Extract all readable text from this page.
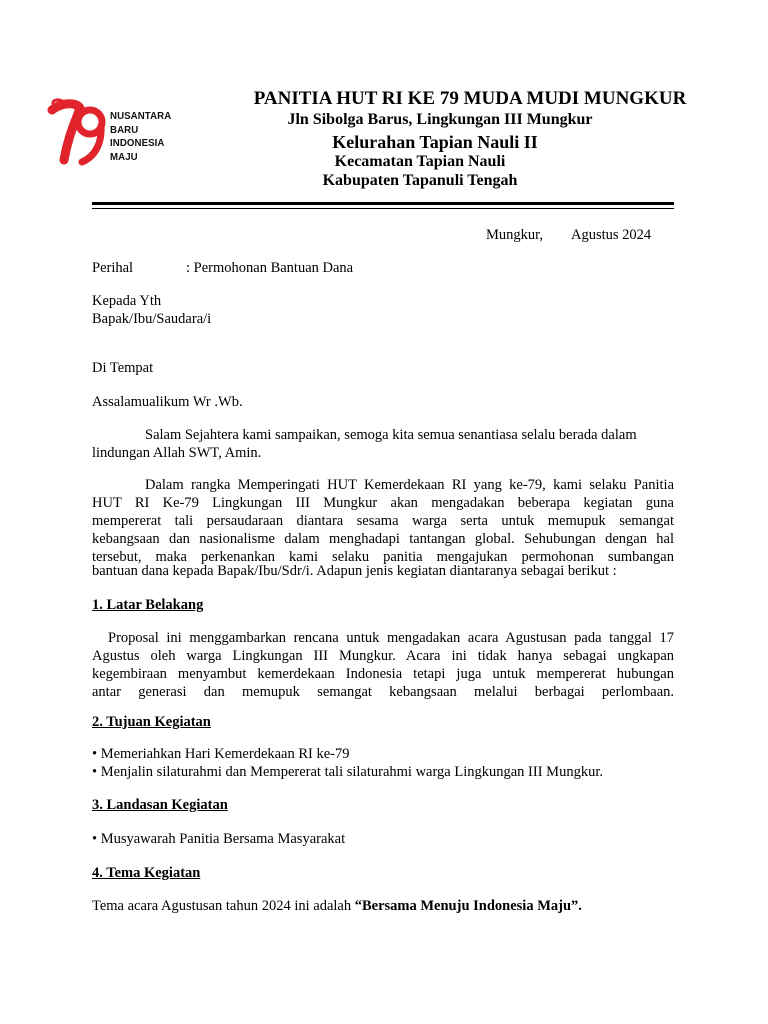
NUSANTARA
BARU
INDONESIA
MAJU
PANITIA HUT RI KE 79 MUDA MUDI MUNGKUR
Jln Sibolga Barus, Lingkungan III Mungkur
Kelurahan Tapian Nauli II
Kecamatan Tapian Nauli
Kabupaten Tapanuli Tengah
Mungkur, Agustus 2024
Perihal	: Permohonan Bantuan Dana
Kepada Yth
Bapak/Ibu/Saudara/i
Di Tempat
Assalamualikum Wr .Wb.
Salam Sejahtera kami sampaikan, semoga kita semua senantiasa selalu berada dalam
lindungan Allah SWT, Amin.
Dalam rangka Memperingati HUT Kemerdekaan RI yang ke-79, kami selaku Panitia
HUT RI Ke-79 Lingkungan III Mungkur akan mengadakan beberapa kegiatan guna
mempererat tali persaudaraan diantara sesama warga serta untuk memupuk semangat
kebangsaan dan nasionalisme dalam menghadapi tantangan global. Sehubungan dengan hal
tersebut, maka perkenankan kami selaku panitia mengajukan permohonan sumbangan
bantuan dana kepada Bapak/Ibu/Sdr/i. Adapun jenis kegiatan diantaranya sebagai berikut :
1. Latar Belakang
Proposal ini menggambarkan rencana untuk mengadakan acara Agustusan pada tanggal 17
Agustus oleh warga Lingkungan III Mungkur. Acara ini tidak hanya sebagai ungkapan
kegembiraan menyambut kemerdekaan Indonesia tetapi juga untuk mempererat hubungan
antar generasi dan memupuk semangat kebangsaan melalui berbagai perlombaan.
2. Tujuan Kegiatan
• Memeriahkan Hari Kemerdekaan RI ke-79
• Menjalin silaturahmi dan Mempererat tali silaturahmi warga Lingkungan III Mungkur.
3. Landasan Kegiatan
• Musyawarah Panitia Bersama Masyarakat
4. Tema Kegiatan
Tema acara Agustusan tahun 2024 ini adalah “Bersama Menuju Indonesia Maju”.
